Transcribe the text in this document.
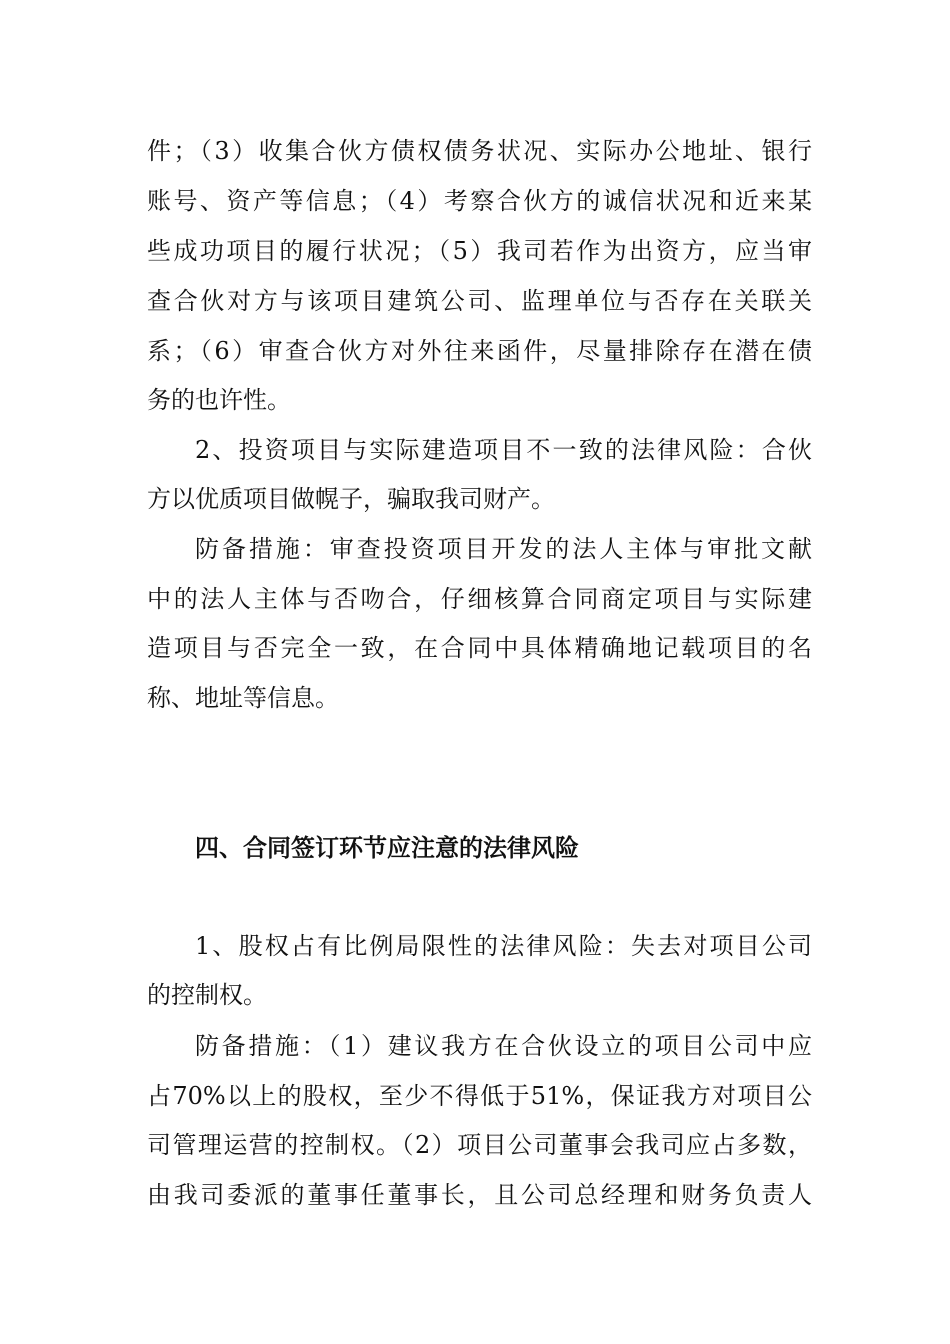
件；（3）收集合伙方债权债务状况、实际办公地址、银行
账号、资产等信息；（4）考察合伙方的诚信状况和近来某
些成功项目的履行状况；（5）我司若作为出资方，应当审
查合伙对方与该项目建筑公司、监理单位与否存在关联关
系；（6）审查合伙方对外往来函件，尽量排除存在潜在债
务的也许性。
2、投资项目与实际建造项目不一致的法律风险：合伙
方以优质项目做幌子，骗取我司财产。
防备措施：审查投资项目开发的法人主体与审批文献
中的法人主体与否吻合，仔细核算合同商定项目与实际建
造项目与否完全一致，在合同中具体精确地记载项目的名
称、地址等信息。
四、合同签订环节应注意的法律风险
1、股权占有比例局限性的法律风险：失去对项目公司
的控制权。
防备措施：（1）建议我方在合伙设立的项目公司中应
占70%以上的股权，至少不得低于51%，保证我方对项目公
司管理运营的控制权。（2）项目公司董事会我司应占多数，
由我司委派的董事任董事长，且公司总经理和财务负责人
